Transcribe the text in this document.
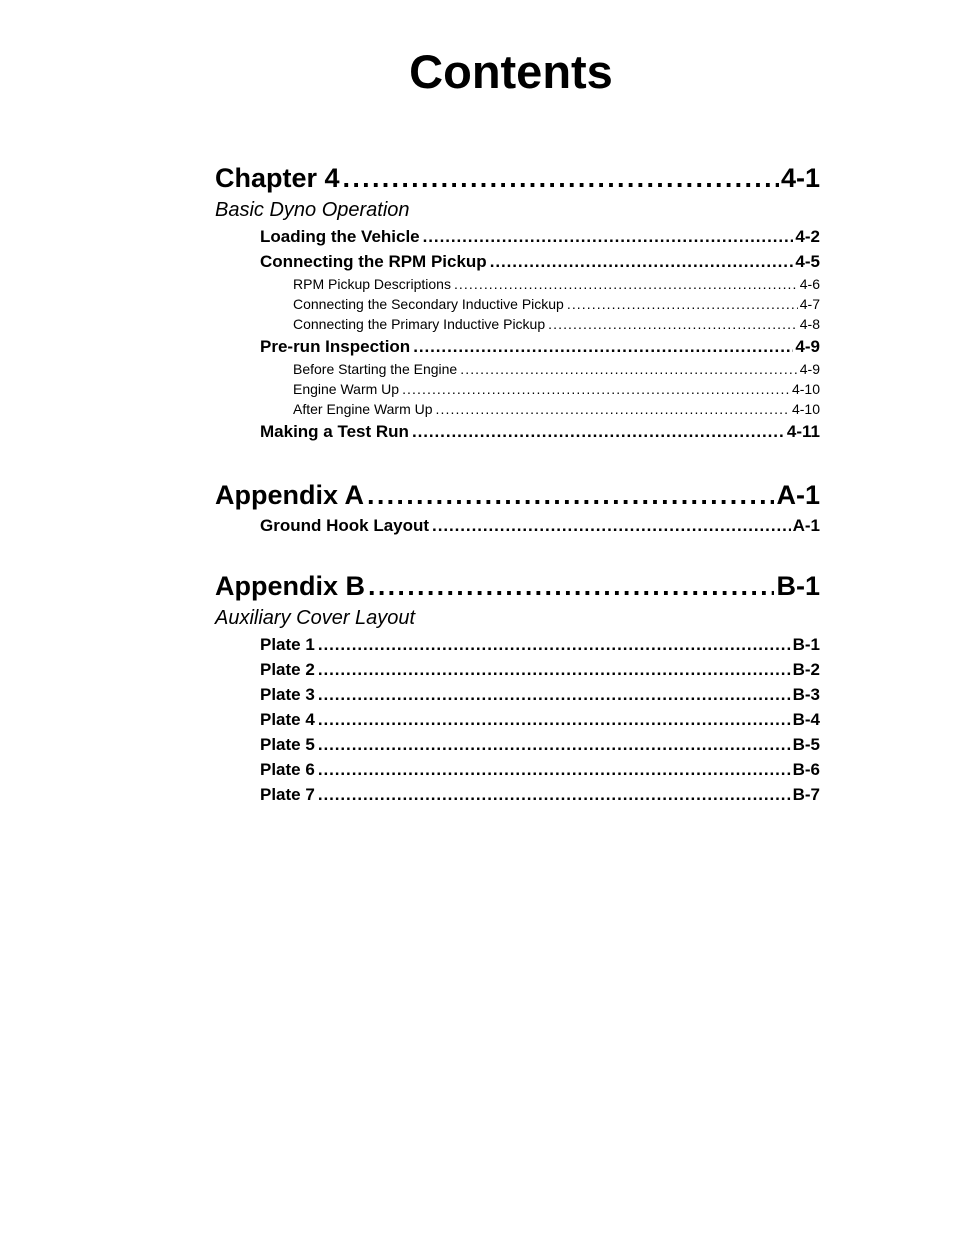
Contents
Chapter 4 . . .	4-1
Basic Dyno Operation
Loading the Vehicle . . .	4-2
Connecting the RPM Pickup . . .	4-5
RPM Pickup Descriptions . . .	4-6
Connecting the Secondary Inductive Pickup . . .	4-7
Connecting the Primary Inductive Pickup . . .	4-8
Pre-run Inspection . . .	4-9
Before Starting the Engine . . .	4-9
Engine Warm Up . . .	4-10
After Engine Warm Up . . .	4-10
Making a Test Run . . .	4-11
Appendix A . . .	A-1
Ground Hook Layout . . .	A-1
Appendix B . . .	B-1
Auxiliary Cover Layout
Plate 1 . . .	B-1
Plate 2 . . .	B-2
Plate 3 . . .	B-3
Plate 4 . . .	B-4
Plate 5 . . .	B-5
Plate 6 . . .	B-6
Plate 7 . . .	B-7
